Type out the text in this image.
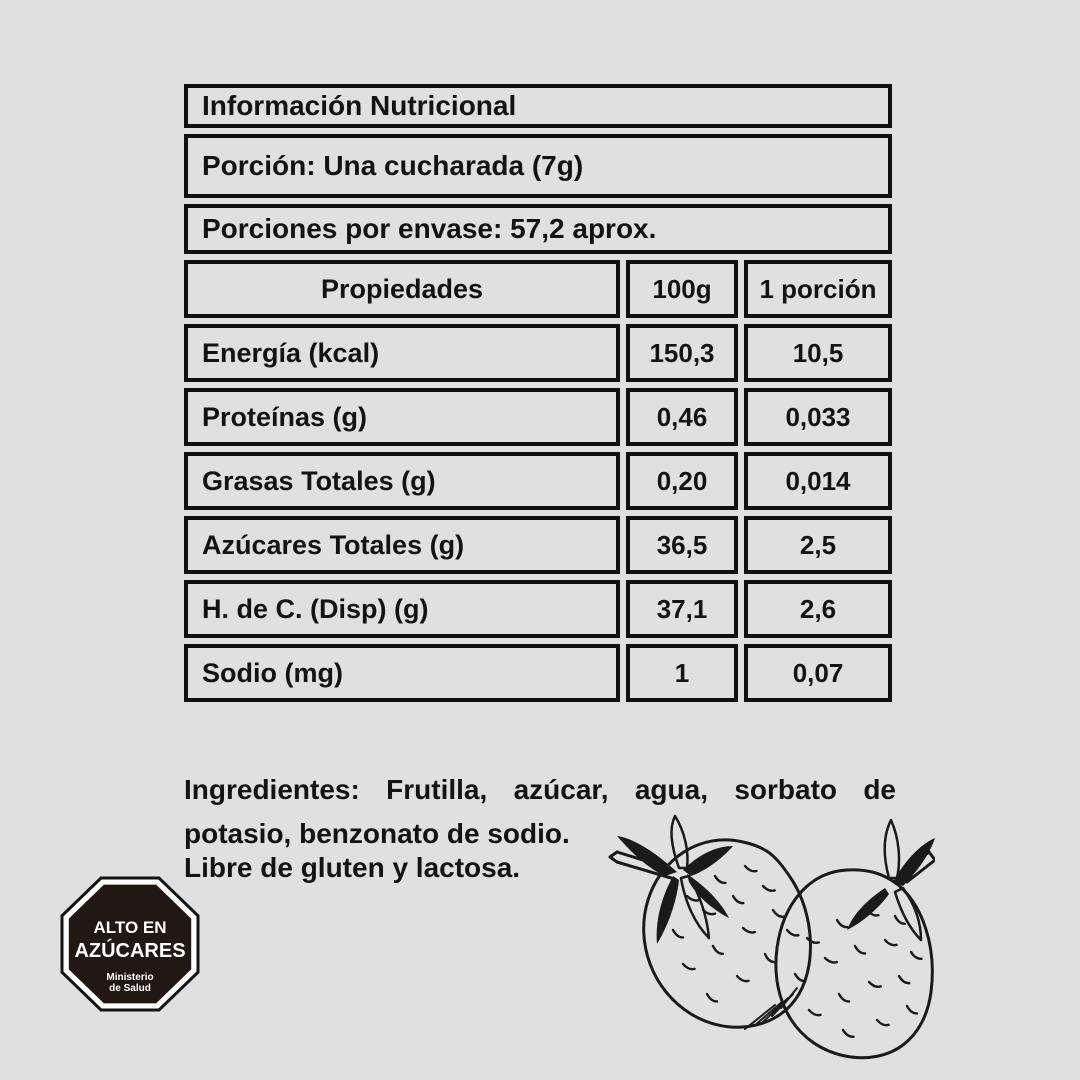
Información Nutricional
Porción: Una cucharada (7g)
Porciones por envase: 57,2 aprox.
Propiedades	100g	1 porción
Energía (kcal)	150,3	10,5
Proteínas (g)	0,46	0,033
Grasas Totales (g)	0,20	0,014
Azúcares Totales (g)	36,5	2,5
H. de C. (Disp) (g)	37,1	2,6
Sodio (mg)	1	0,07

Ingredientes: Frutilla, azúcar, agua, sorbato de potasio, benzonato de sodio.

Libre de gluten y lactosa.
ALTO EN
AZÚCARES
Ministerio
de Salud
